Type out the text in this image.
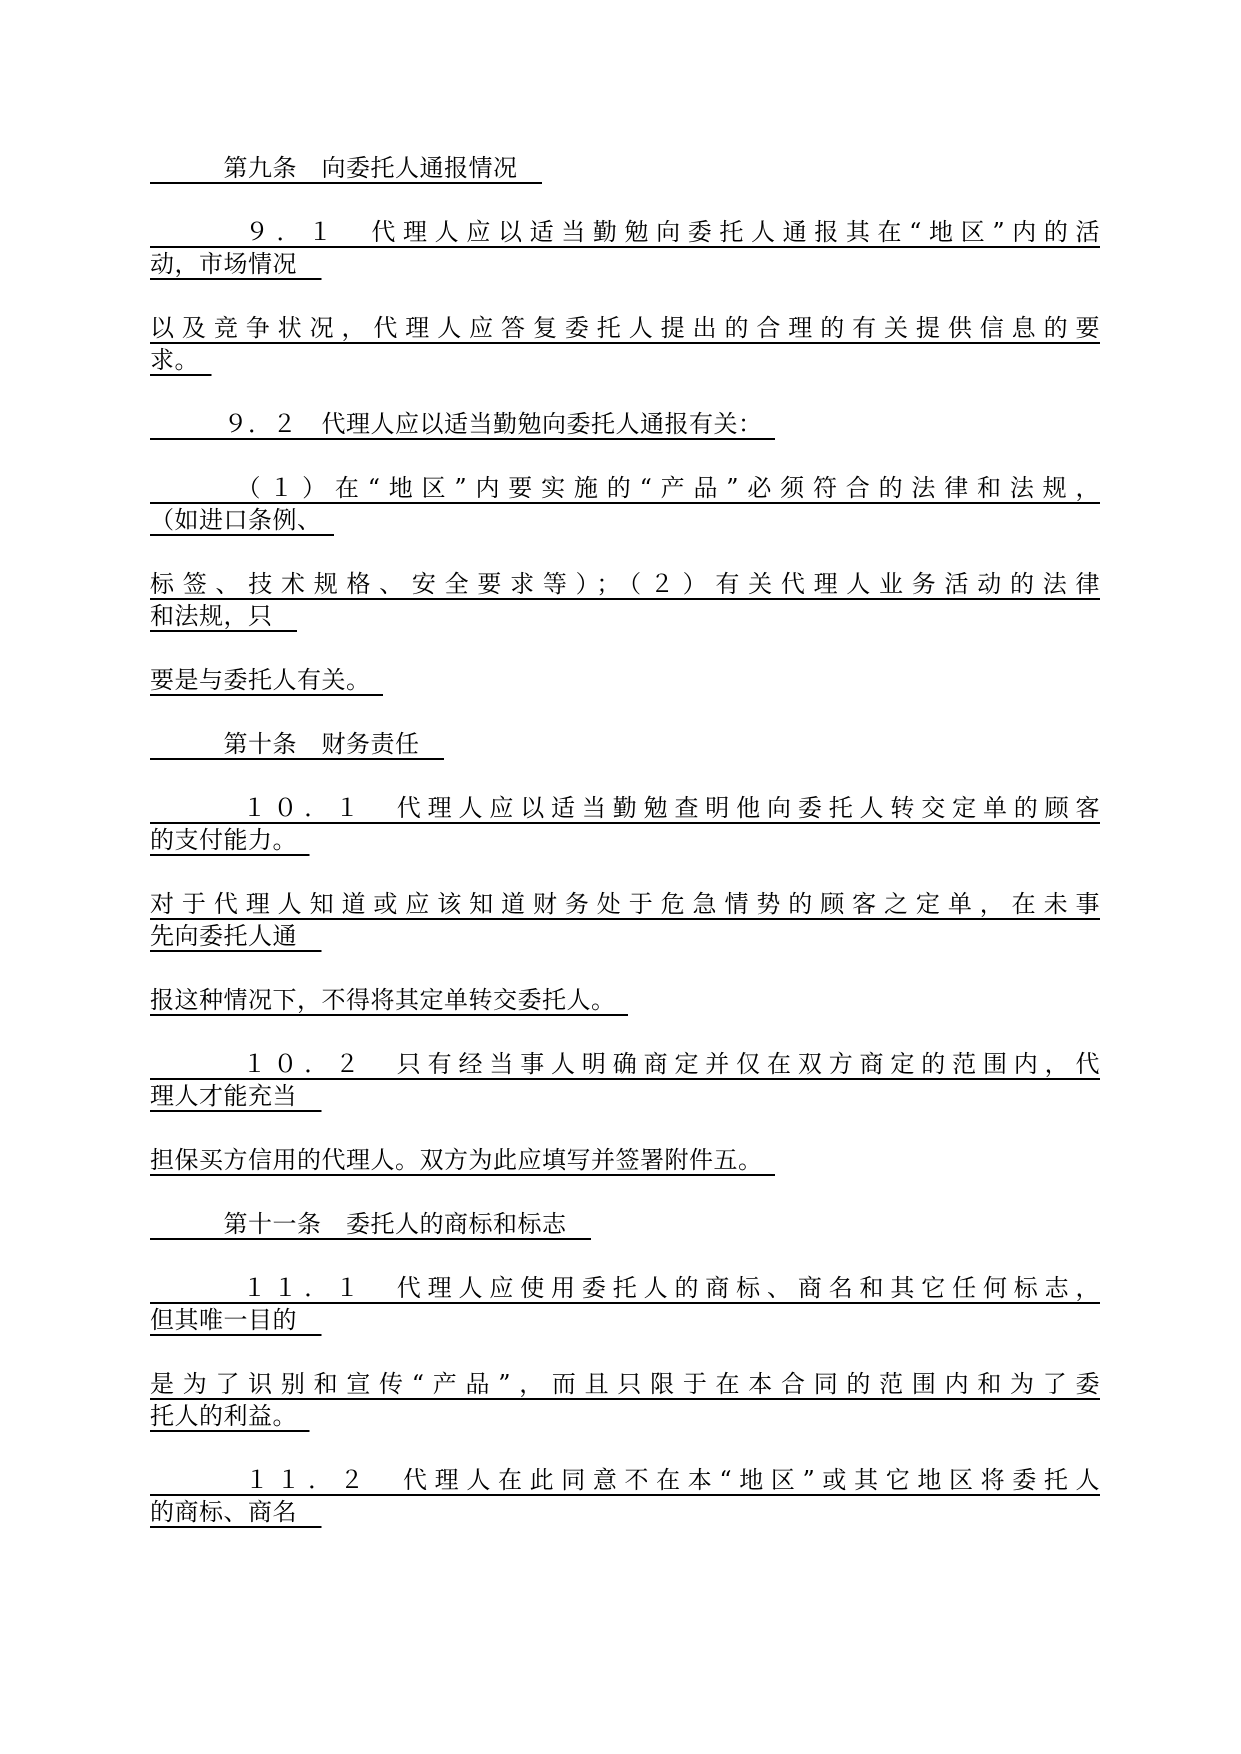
　　　第九条　向委托人通报情况　
　　　９．１　代理人应以适当勤勉向委托人通报其在“地区”内的活
动，市场情况　
以及竞争状况，代理人应答复委托人提出的合理的有关提供信息的要
求。　
　　　９．２　代理人应以适当勤勉向委托人通报有关：　
　　　（１）在“地区”内要实施的“产品”必须符合的法律和法规，
（如进口条例、　
标签、技术规格、安全要求等）；（２）有关代理人业务活动的法律
和法规，只　
要是与委托人有关。　
　　　第十条　财务责任　
　　　１０．１　代理人应以适当勤勉查明他向委托人转交定单的顾客
的支付能力。　
对于代理人知道或应该知道财务处于危急情势的顾客之定单，在未事
先向委托人通　
报这种情况下，不得将其定单转交委托人。　
　　　１０．２　只有经当事人明确商定并仅在双方商定的范围内，代
理人才能充当　
担保买方信用的代理人。双方为此应填写并签署附件五。　
　　　第十一条　委托人的商标和标志　
　　　１１．１　代理人应使用委托人的商标、商名和其它任何标志，
但其唯一目的　
是为了识别和宣传“产品”，而且只限于在本合同的范围内和为了委
托人的利益。　
　　　１１．２　代理人在此同意不在本“地区”或其它地区将委托人
的商标、商名　
